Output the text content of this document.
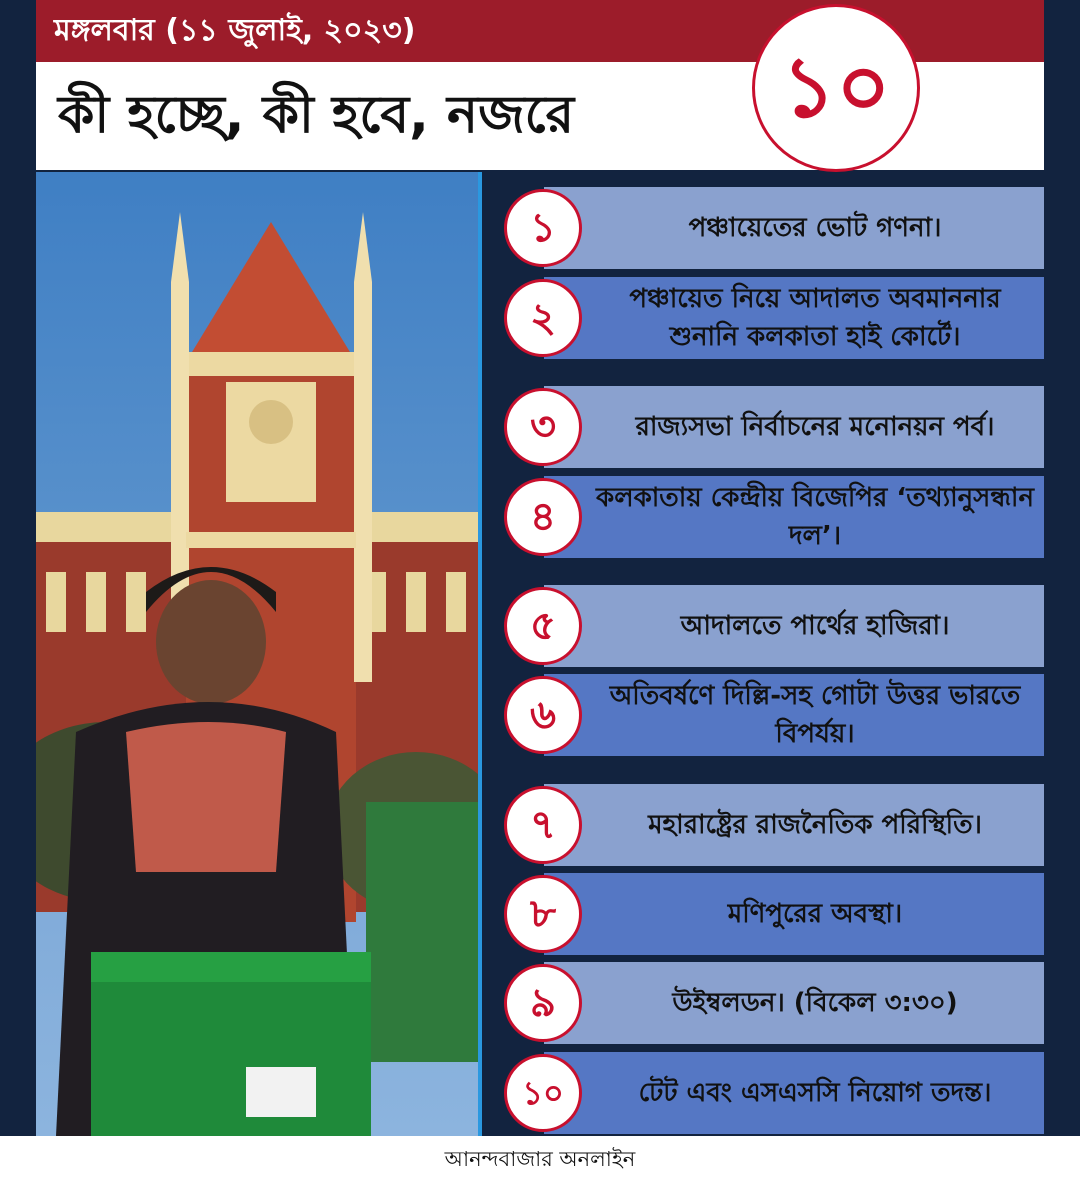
মঙ্গলবার (১১ জুলাই, ২০২৩)
কী হচ্ছে, কী হবে, নজরে	১০
পঞ্চায়েতের ভোট গণনা।
১
পঞ্চায়েত নিয়ে আদালত অবমাননার শুনানি কলকাতা হাই কোর্টে।
২
রাজ্যসভা নির্বাচনের মনোনয়ন পর্ব।
৩
কলকাতায় কেন্দ্রীয় বিজেপির ‘তথ্যানুসন্ধান দল’।
৪
আদালতে পার্থের হাজিরা।
৫
অতিবর্ষণে দিল্লি-সহ গোটা উত্তর ভারতে বিপর্যয়।
৬
মহারাষ্ট্রের রাজনৈতিক পরিস্থিতি।
৭
মণিপুরের অবস্থা।
৮
উইম্বলডন। (বিকেল ৩:৩০)
৯
টেট এবং এসএসসি নিয়োগ তদন্ত।
১০
আনন্দবাজার অনলাইন
